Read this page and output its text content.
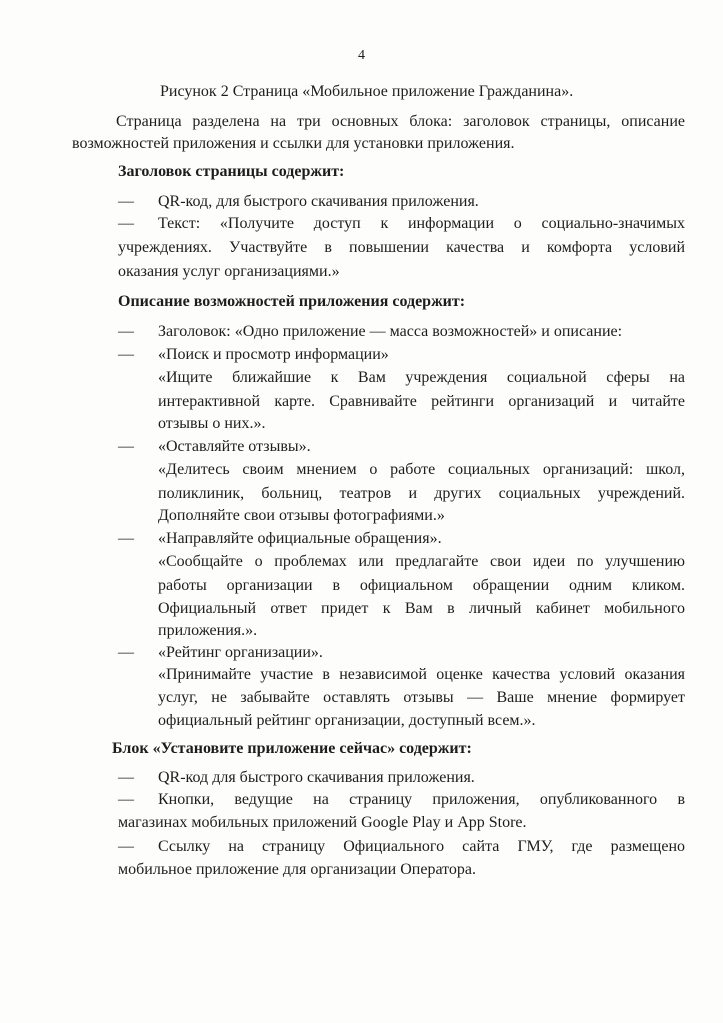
4
Рисунок 2 Страница «Мобильное приложение Гражданина».
Страница разделена на три основных блока: заголовок страницы, описание
возможностей приложения и ссылки для установки приложения.
Заголовок страницы содержит:
— QR-код, для быстрого скачивания приложения.
— Текст: «Получите доступ к информации о социально-значимых
учреждениях. Участвуйте в повышении качества и комфорта условий
оказания услуг организациями.»
Описание возможностей приложения содержит:
— Заголовок: «Одно приложение — масса возможностей» и описание:
— «Поиск и просмотр информации»
«Ищите ближайшие к Вам учреждения социальной сферы на
интерактивной карте. Сравнивайте рейтинги организаций и читайте
отзывы о них.».
— «Оставляйте отзывы».
«Делитесь своим мнением о работе социальных организаций: школ,
поликлиник, больниц, театров и других социальных учреждений.
Дополняйте свои отзывы фотографиями.»
— «Направляйте официальные обращения».
«Сообщайте о проблемах или предлагайте свои идеи по улучшению
работы организации в официальном обращении одним кликом.
Официальный ответ придет к Вам в личный кабинет мобильного
приложения.».
— «Рейтинг организации».
«Принимайте участие в независимой оценке качества условий оказания
услуг, не забывайте оставлять отзывы — Ваше мнение формирует
официальный рейтинг организации, доступный всем.».
Блок «Установите приложение сейчас» содержит:
— QR-код для быстрого скачивания приложения.
— Кнопки, ведущие на страницу приложения, опубликованного в
магазинах мобильных приложений Google Play и App Store.
— Ссылку на страницу Официального сайта ГМУ, где размещено
мобильное приложение для организации Оператора.
